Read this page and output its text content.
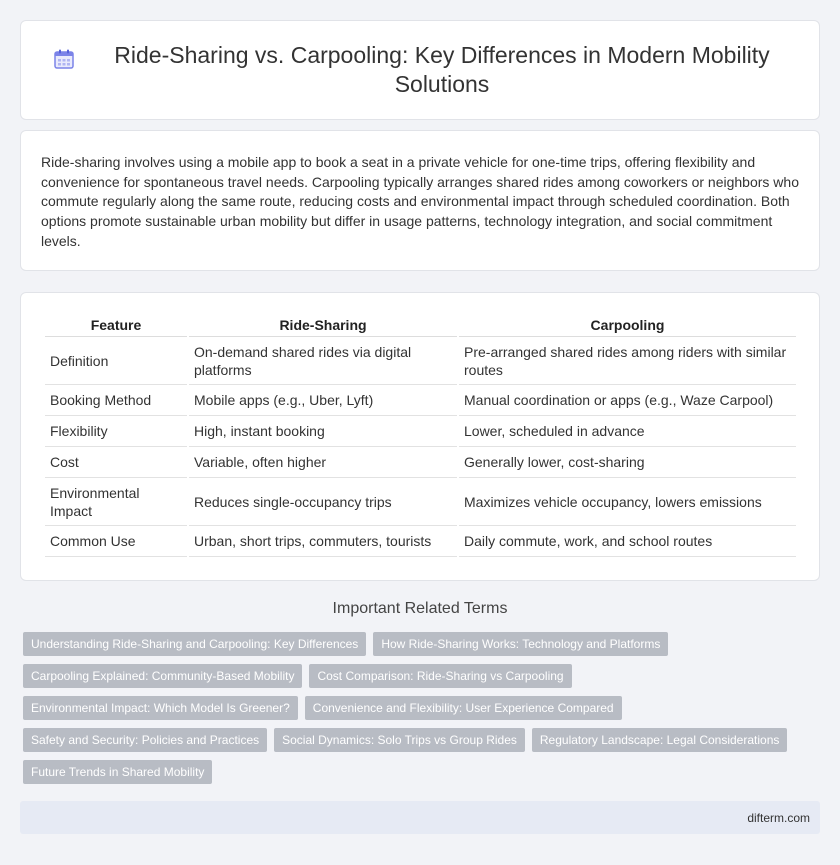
Ride-Sharing vs. Carpooling: Key Differences in Modern Mobility Solutions

Ride-sharing involves using a mobile app to book a seat in a private vehicle for one-time trips, offering flexibility and convenience for spontaneous travel needs. Carpooling typically arranges shared rides among coworkers or neighbors who commute regularly along the same route, reducing costs and environmental impact through scheduled coordination. Both options promote sustainable urban mobility but differ in usage patterns, technology integration, and social commitment levels.

Feature	Ride-Sharing	Carpooling
Definition	On-demand shared rides via digital platforms	Pre-arranged shared rides among riders with similar routes
Booking Method	Mobile apps (e.g., Uber, Lyft)	Manual coordination or apps (e.g., Waze Carpool)
Flexibility	High, instant booking	Lower, scheduled in advance
Cost	Variable, often higher	Generally lower, cost-sharing
Environmental Impact	Reduces single-occupancy trips	Maximizes vehicle occupancy, lowers emissions
Common Use	Urban, short trips, commuters, tourists	Daily commute, work, and school routes
Important Related Terms
Understanding Ride-Sharing and Carpooling: Key Differences	How Ride-Sharing Works: Technology and Platforms
Carpooling Explained: Community-Based Mobility	Cost Comparison: Ride-Sharing vs Carpooling
Environmental Impact: Which Model Is Greener?	Convenience and Flexibility: User Experience Compared
Safety and Security: Policies and Practices	Social Dynamics: Solo Trips vs Group Rides	Regulatory Landscape: Legal Considerations
Future Trends in Shared Mobility
difterm.com
